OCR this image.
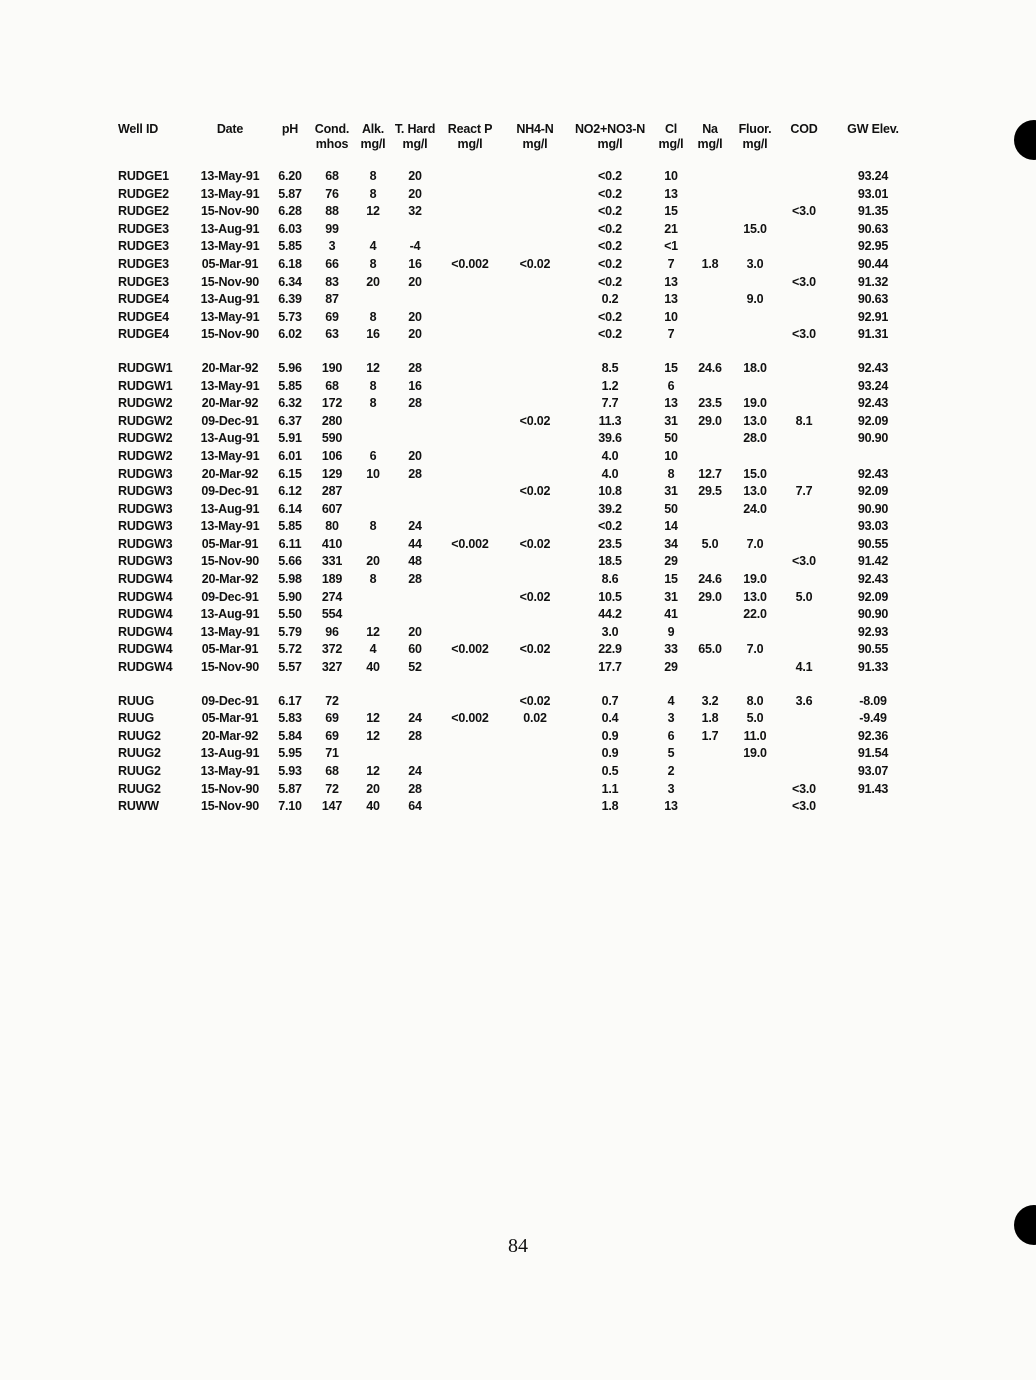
Well ID	Date	pH	Cond.	Alk.	T. Hard	React P	NH4-N	NO2+NO3-N	Cl	Na	Fluor.	COD	GW Elev.
			mhos	mg/l	mg/l	mg/l	mg/l	mg/l	mg/l	mg/l	mg/l		
RUDGE1	13-May-91	6.20	68	8	20			<0.2	10				93.24
RUDGE2	13-May-91	5.87	76	8	20			<0.2	13				93.01
RUDGE2	15-Nov-90	6.28	88	12	32			<0.2	15			<3.0	91.35
RUDGE3	13-Aug-91	6.03	99					<0.2	21		15.0		90.63
RUDGE3	13-May-91	5.85	3	4	-4			<0.2	<1				92.95
RUDGE3	05-Mar-91	6.18	66	8	16	<0.002	<0.02	<0.2	7	1.8	3.0		90.44
RUDGE3	15-Nov-90	6.34	83	20	20			<0.2	13			<3.0	91.32
RUDGE4	13-Aug-91	6.39	87					0.2	13		9.0		90.63
RUDGE4	13-May-91	5.73	69	8	20			<0.2	10				92.91
RUDGE4	15-Nov-90	6.02	63	16	20			<0.2	7			<3.0	91.31

RUDGW1	20-Mar-92	5.96	190	12	28			8.5	15	24.6	18.0		92.43
RUDGW1	13-May-91	5.85	68	8	16			1.2	6				93.24
RUDGW2	20-Mar-92	6.32	172	8	28			7.7	13	23.5	19.0		92.43
RUDGW2	09-Dec-91	6.37	280				<0.02	11.3	31	29.0	13.0	8.1	92.09
RUDGW2	13-Aug-91	5.91	590					39.6	50		28.0		90.90
RUDGW2	13-May-91	6.01	106	6	20			4.0	10				
RUDGW3	20-Mar-92	6.15	129	10	28			4.0	8	12.7	15.0		92.43
RUDGW3	09-Dec-91	6.12	287				<0.02	10.8	31	29.5	13.0	7.7	92.09
RUDGW3	13-Aug-91	6.14	607					39.2	50		24.0		90.90
RUDGW3	13-May-91	5.85	80	8	24			<0.2	14				93.03
RUDGW3	05-Mar-91	6.11	410		44	<0.002	<0.02	23.5	34	5.0	7.0		90.55
RUDGW3	15-Nov-90	5.66	331	20	48			18.5	29			<3.0	91.42
RUDGW4	20-Mar-92	5.98	189	8	28			8.6	15	24.6	19.0		92.43
RUDGW4	09-Dec-91	5.90	274				<0.02	10.5	31	29.0	13.0	5.0	92.09
RUDGW4	13-Aug-91	5.50	554					44.2	41		22.0		90.90
RUDGW4	13-May-91	5.79	96	12	20			3.0	9				92.93
RUDGW4	05-Mar-91	5.72	372	4	60	<0.002	<0.02	22.9	33	65.0	7.0		90.55
RUDGW4	15-Nov-90	5.57	327	40	52			17.7	29			4.1	91.33

RUUG	09-Dec-91	6.17	72				<0.02	0.7	4	3.2	8.0	3.6	-8.09
RUUG	05-Mar-91	5.83	69	12	24	<0.002	0.02	0.4	3	1.8	5.0		-9.49
RUUG2	20-Mar-92	5.84	69	12	28			0.9	6	1.7	11.0		92.36
RUUG2	13-Aug-91	5.95	71					0.9	5		19.0		91.54
RUUG2	13-May-91	5.93	68	12	24			0.5	2				93.07
RUUG2	15-Nov-90	5.87	72	20	28			1.1	3			<3.0	91.43
RUWW	15-Nov-90	7.10	147	40	64			1.8	13			<3.0	
84
